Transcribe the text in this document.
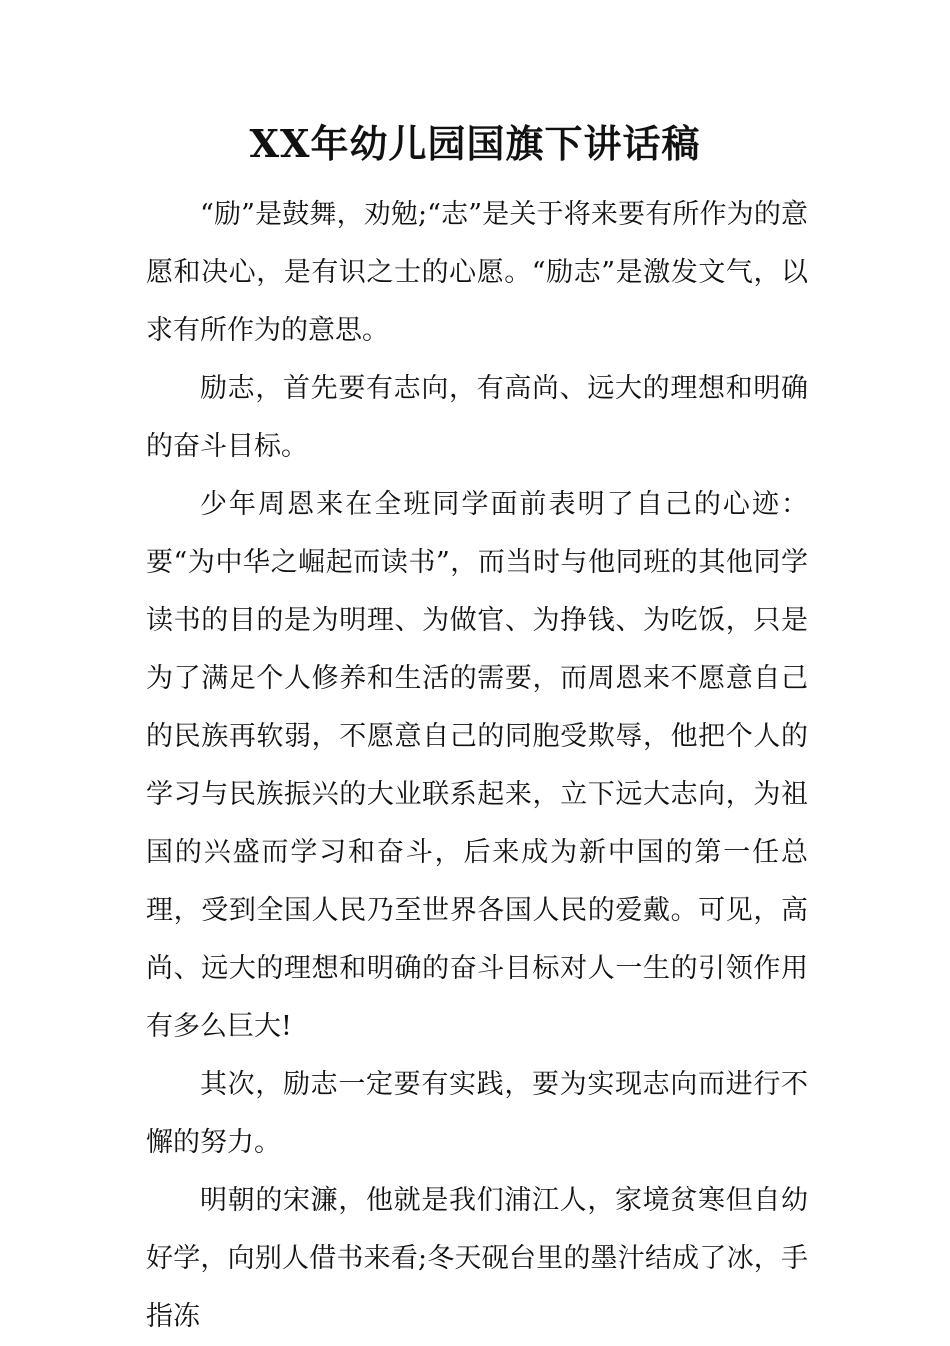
XX年幼儿园国旗下讲话稿

“励”是鼓舞，劝勉;“志”是关于将来要有所作为的意愿和决心，是有识之士的心愿。“励志”是激发文气，以求有所作为的意思。

励志，首先要有志向，有高尚、远大的理想和明确的奋斗目标。

少年周恩来在全班同学面前表明了自己的心迹：要“为中华之崛起而读书”，而当时与他同班的其他同学读书的目的是为明理、为做官、为挣钱、为吃饭，只是为了满足个人修养和生活的需要，而周恩来不愿意自己的民族再软弱，不愿意自己的同胞受欺辱，他把个人的学习与民族振兴的大业联系起来，立下远大志向，为祖国的兴盛而学习和奋斗，后来成为新中国的第一任总理，受到全国人民乃至世界各国人民的爱戴。可见，高尚、远大的理想和明确的奋斗目标对人一生的引领作用有多么巨大!

其次，励志一定要有实践，要为实现志向而进行不懈的努力。

明朝的宋濂，他就是我们浦江人，家境贫寒但自幼好学，向别人借书来看;冬天砚台里的墨汁结成了冰，手指冻
